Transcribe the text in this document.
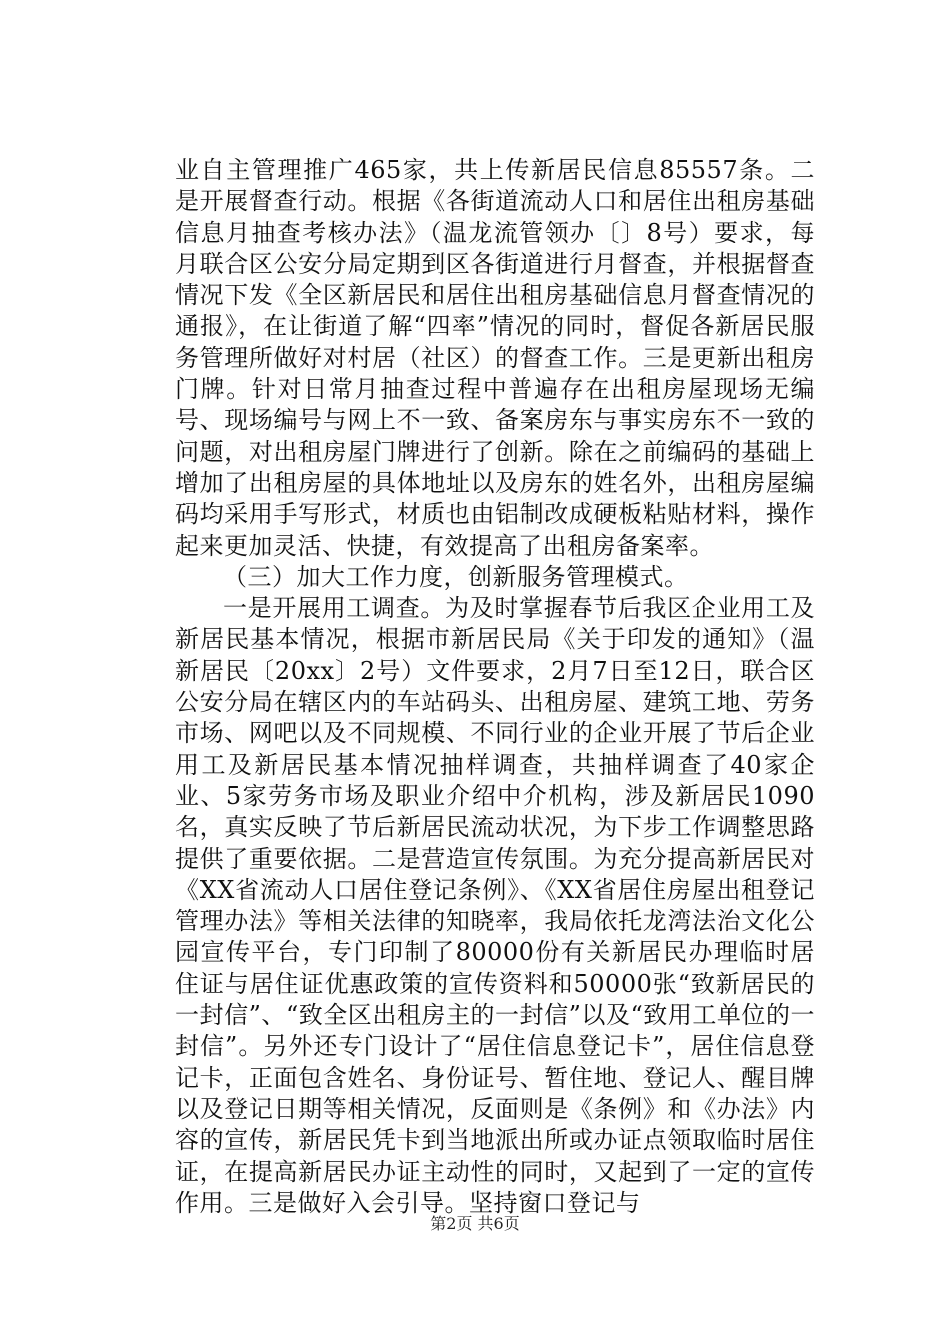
业自主管理推广465家，共上传新居民信息85557条。二是开展督查行动。根据《各街道流动人口和居住出租房基础信息月抽查考核办法》（温龙流管领办〔〕8号）要求，每月联合区公安分局定期到区各街道进行月督查，并根据督查情况下发《全区新居民和居住出租房基础信息月督查情况的通报》，在让街道了解“四率”情况的同时，督促各新居民服务管理所做好对村居（社区）的督查工作。三是更新出租房门牌。针对日常月抽查过程中普遍存在出租房屋现场无编号、现场编号与网上不一致、备案房东与事实房东不一致的问题，对出租房屋门牌进行了创新。除在之前编码的基础上增加了出租房屋的具体地址以及房东的姓名外，出租房屋编码均采用手写形式，材质也由铝制改成硬板粘贴材料，操作起来更加灵活、快捷，有效提高了出租房备案率。

（三）加大工作力度，创新服务管理模式。

一是开展用工调查。为及时掌握春节后我区企业用工及新居民基本情况，根据市新居民局《关于印发的通知》（温新居民〔20xx〕2号）文件要求，2月7日至12日，联合区公安分局在辖区内的车站码头、出租房屋、建筑工地、劳务市场、网吧以及不同规模、不同行业的企业开展了节后企业用工及新居民基本情况抽样调查，共抽样调查了40家企业、5家劳务市场及职业介绍中介机构，涉及新居民1090名，真实反映了节后新居民流动状况，为下步工作调整思路提供了重要依据。二是营造宣传氛围。为充分提高新居民对《XX省流动人口居住登记条例》、《XX省居住房屋出租登记管理办法》等相关法律的知晓率，我局依托龙湾法治文化公园宣传平台，专门印制了80000份有关新居民办理临时居住证与居住证优惠政策的宣传资料和50000张“致新居民的一封信”、“致全区出租房主的一封信”以及“致用工单位的一封信”。另外还专门设计了“居住信息登记卡”，居住信息登记卡，正面包含姓名、身份证号、暂住地、登记人、醒目牌以及登记日期等相关情况，反面则是《条例》和《办法》内容的宣传，新居民凭卡到当地派出所或办证点领取临时居住证，在提高新居民办证主动性的同时，又起到了一定的宣传作用。三是做好入会引导。坚持窗口登记与

第2页 共6页
